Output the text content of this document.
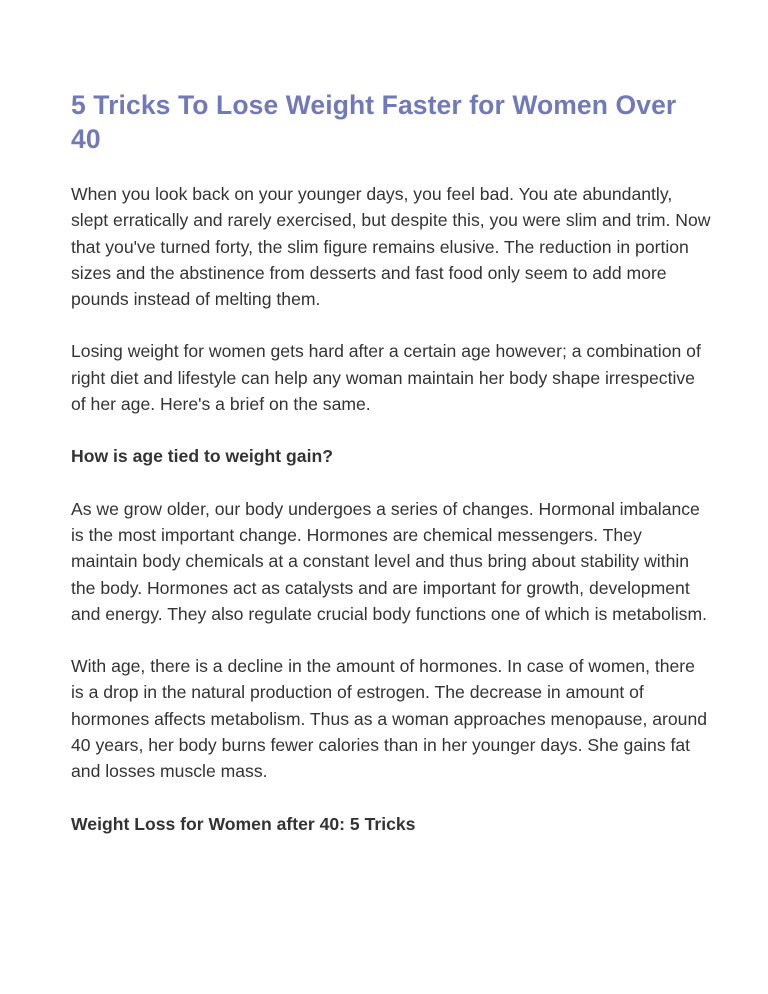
5 Tricks To Lose Weight Faster for Women Over 40

When you look back on your younger days, you feel bad. You ate abundantly, slept erratically and rarely exercised, but despite this, you were slim and trim. Now that you've turned forty, the slim figure remains elusive. The reduction in portion sizes and the abstinence from desserts and fast food only seem to add more pounds instead of melting them.

Losing weight for women gets hard after a certain age however; a combination of right diet and lifestyle can help any woman maintain her body shape irrespective of her age. Here's a brief on the same.

How is age tied to weight gain?

As we grow older, our body undergoes a series of changes. Hormonal imbalance is the most important change. Hormones are chemical messengers. They maintain body chemicals at a constant level and thus bring about stability within the body. Hormones act as catalysts and are important for growth, development and energy. They also regulate crucial body functions one of which is metabolism.

With age, there is a decline in the amount of hormones. In case of women, there is a drop in the natural production of estrogen. The decrease in amount of hormones affects metabolism. Thus as a woman approaches menopause, around 40 years, her body burns fewer calories than in her younger days. She gains fat and losses muscle mass.

Weight Loss for Women after 40: 5 Tricks
